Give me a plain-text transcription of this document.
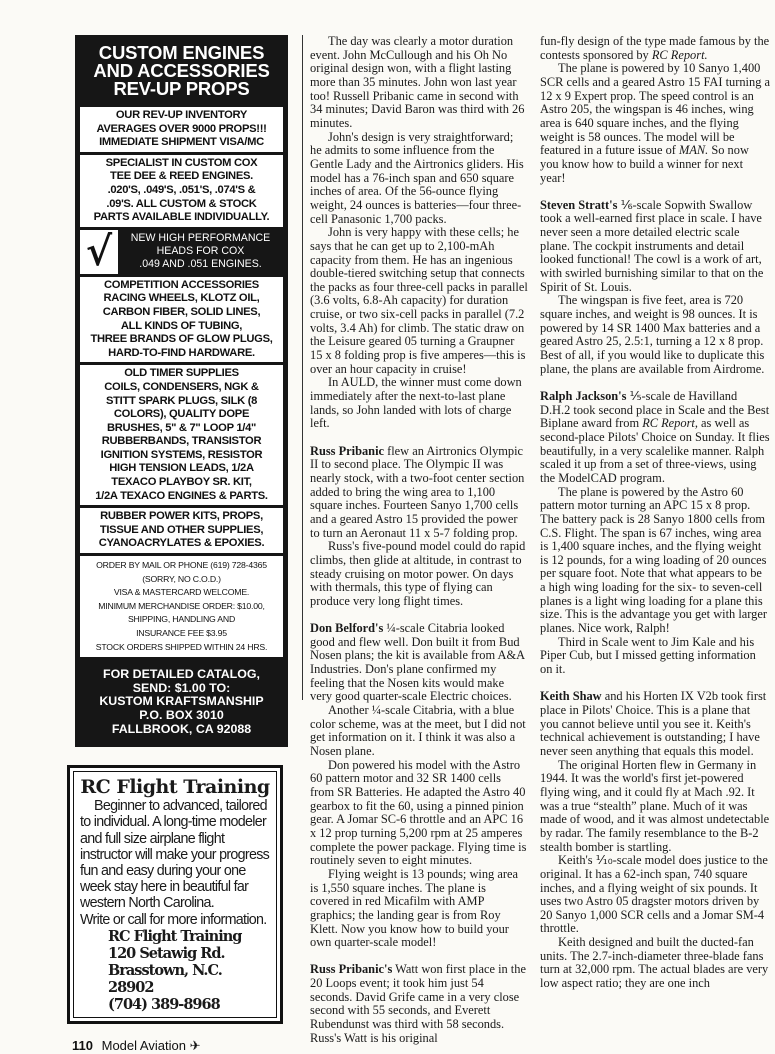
CUSTOM ENGINES
AND ACCESSORIES
REV-UP PROPS
OUR REV-UP INVENTORY
AVERAGES OVER 9000 PROPS!!!
IMMEDIATE SHIPMENT VISA/MC
SPECIALIST IN CUSTOM COX
TEE DEE & REED ENGINES.
.020'S, .049'S, .051'S, .074'S &
.09'S. ALL CUSTOM & STOCK
PARTS AVAILABLE INDIVIDUALLY.
√	NEW HIGH PERFORMANCE
HEADS FOR COX
.049 AND .051 ENGINES.
COMPETITION ACCESSORIES
RACING WHEELS, KLOTZ OIL,
CARBON FIBER, SOLID LINES,
ALL KINDS OF TUBING,
THREE BRANDS OF GLOW PLUGS,
HARD-TO-FIND HARDWARE.
OLD TIMER SUPPLIES
COILS, CONDENSERS, NGK &
STITT SPARK PLUGS, SILK (8
COLORS), QUALITY DOPE
BRUSHES, 5" & 7" LOOP 1/4"
RUBBERBANDS, TRANSISTOR
IGNITION SYSTEMS, RESISTOR
HIGH TENSION LEADS, 1/2A
TEXACO PLAYBOY SR. KIT,
1/2A TEXACO ENGINES & PARTS.
RUBBER POWER KITS, PROPS,
TISSUE AND OTHER SUPPLIES,
CYANOACRYLATES & EPOXIES.
ORDER BY MAIL OR PHONE (619) 728-4365
(SORRY, NO C.O.D.)
VISA & MASTERCARD WELCOME.
MINIMUM MERCHANDISE ORDER: $10.00,
SHIPPING, HANDLING AND
INSURANCE FEE $3.95
STOCK ORDERS SHIPPED WITHIN 24 HRS.
FOR DETAILED CATALOG,
SEND: $1.00 TO:
KUSTOM KRAFTSMANSHIP
P.O. BOX 3010
FALLBROOK, CA 92088
RC Flight Training
Beginner to advanced, tailored to individual. A long-time modeler and full size airplane flight instructor will make your progress fun and easy during your one week stay here in beautiful far western North Carolina.
Write or call for more information.
RC Flight Training
120 Setawig Rd.
Brasstown, N.C. 28902
(704) 389-8968
110 Model Aviation ✈

The day was clearly a motor duration event. John McCullough and his Oh No original design won, with a flight lasting more than 35 minutes. John won last year too! Russell Pribanic came in second with 34 minutes; David Baron was third with 26 minutes.

John's design is very straightforward; he admits to some influence from the Gentle Lady and the Airtronics gliders. His model has a 76-inch span and 650 square inches of area. Of the 56-ounce flying weight, 24 ounces is batteries—four three-cell Panasonic 1,700 packs.

John is very happy with these cells; he says that he can get up to 2,100-mAh capacity from them. He has an ingenious double-tiered switching setup that connects the packs as four three-cell packs in parallel (3.6 volts, 6.8-Ah capacity) for duration cruise, or two six-cell packs in parallel (7.2 volts, 3.4 Ah) for climb. The static draw on the Leisure geared 05 turning a Graupner 15 x 8 folding prop is five amperes—this is over an hour capacity in cruise!

In AULD, the winner must come down immediately after the next-to-last plane lands, so John landed with lots of charge left.

Russ Pribanic flew an Airtronics Olympic II to second place. The Olympic II was nearly stock, with a two-foot center section added to bring the wing area to 1,100 square inches. Fourteen Sanyo 1,700 cells and a geared Astro 15 provided the power to turn an Aeronaut 11 x 5-7 folding prop.

Russ's five-pound model could do rapid climbs, then glide at altitude, in contrast to steady cruising on motor power. On days with thermals, this type of flying can produce very long flight times.

Don Belford's ¼-scale Citabria looked good and flew well. Don built it from Bud Nosen plans; the kit is available from A&A Industries. Don's plane confirmed my feeling that the Nosen kits would make very good quarter-scale Electric choices.

Another ¼-scale Citabria, with a blue color scheme, was at the meet, but I did not get information on it. I think it was also a Nosen plane.

Don powered his model with the Astro 60 pattern motor and 32 SR 1400 cells from SR Batteries. He adapted the Astro 40 gearbox to fit the 60, using a pinned pinion gear. A Jomar SC-6 throttle and an APC 16 x 12 prop turning 5,200 rpm at 25 amperes complete the power package. Flying time is routinely seven to eight minutes.

Flying weight is 13 pounds; wing area is 1,550 square inches. The plane is covered in red Micafilm with AMP graphics; the landing gear is from Roy Klett. Now you know how to build your own quarter-scale model!

Russ Pribanic's Watt won first place in the 20 Loops event; it took him just 54 seconds. David Grife came in a very close second with 55 seconds, and Everett Rubendunst was third with 58 seconds. Russ's Watt is his original

fun-fly design of the type made famous by the contests sponsored by RC Report.

The plane is powered by 10 Sanyo 1,400 SCR cells and a geared Astro 15 FAI turning a 12 x 9 Expert prop. The speed control is an Astro 205, the wingspan is 46 inches, wing area is 640 square inches, and the flying weight is 58 ounces. The model will be featured in a future issue of MAN. So now you know how to build a winner for next year!

Steven Stratt's ⅙-scale Sopwith Swallow took a well-earned first place in scale. I have never seen a more detailed electric scale plane. The cockpit instruments and detail looked functional! The cowl is a work of art, with swirled burnishing similar to that on the Spirit of St. Louis.

The wingspan is five feet, area is 720 square inches, and weight is 98 ounces. It is powered by 14 SR 1400 Max batteries and a geared Astro 25, 2.5:1, turning a 12 x 8 prop. Best of all, if you would like to duplicate this plane, the plans are available from Airdrome.

Ralph Jackson's ⅕-scale de Havilland D.H.2 took second place in Scale and the Best Biplane award from RC Report, as well as second-place Pilots' Choice on Sunday. It flies beautifully, in a very scalelike manner. Ralph scaled it up from a set of three-views, using the ModelCAD program.

The plane is powered by the Astro 60 pattern motor turning an APC 15 x 8 prop. The battery pack is 28 Sanyo 1800 cells from C.S. Flight. The span is 67 inches, wing area is 1,400 square inches, and the flying weight is 12 pounds, for a wing loading of 20 ounces per square foot. Note that what appears to be a high wing loading for the six- to seven-cell planes is a light wing loading for a plane this size. This is the advantage you get with larger planes. Nice work, Ralph!

Third in Scale went to Jim Kale and his Piper Cub, but I missed getting information on it.

Keith Shaw and his Horten IX V2b took first place in Pilots' Choice. This is a plane that you cannot believe until you see it. Keith's technical achievement is outstanding; I have never seen anything that equals this model.

The original Horten flew in Germany in 1944. It was the world's first jet-powered flying wing, and it could fly at Mach .92. It was a true “stealth” plane. Much of it was made of wood, and it was almost undetectable by radar. The family resemblance to the B-2 stealth bomber is startling.

Keith's ⅒-scale model does justice to the original. It has a 62-inch span, 740 square inches, and a flying weight of six pounds. It uses two Astro 05 dragster motors driven by 20 Sanyo 1,000 SCR cells and a Jomar SM-4 throttle.

Keith designed and built the ducted-fan units. The 2.7-inch-diameter three-blade fans turn at 32,000 rpm. The actual blades are very low aspect ratio; they are one inch
